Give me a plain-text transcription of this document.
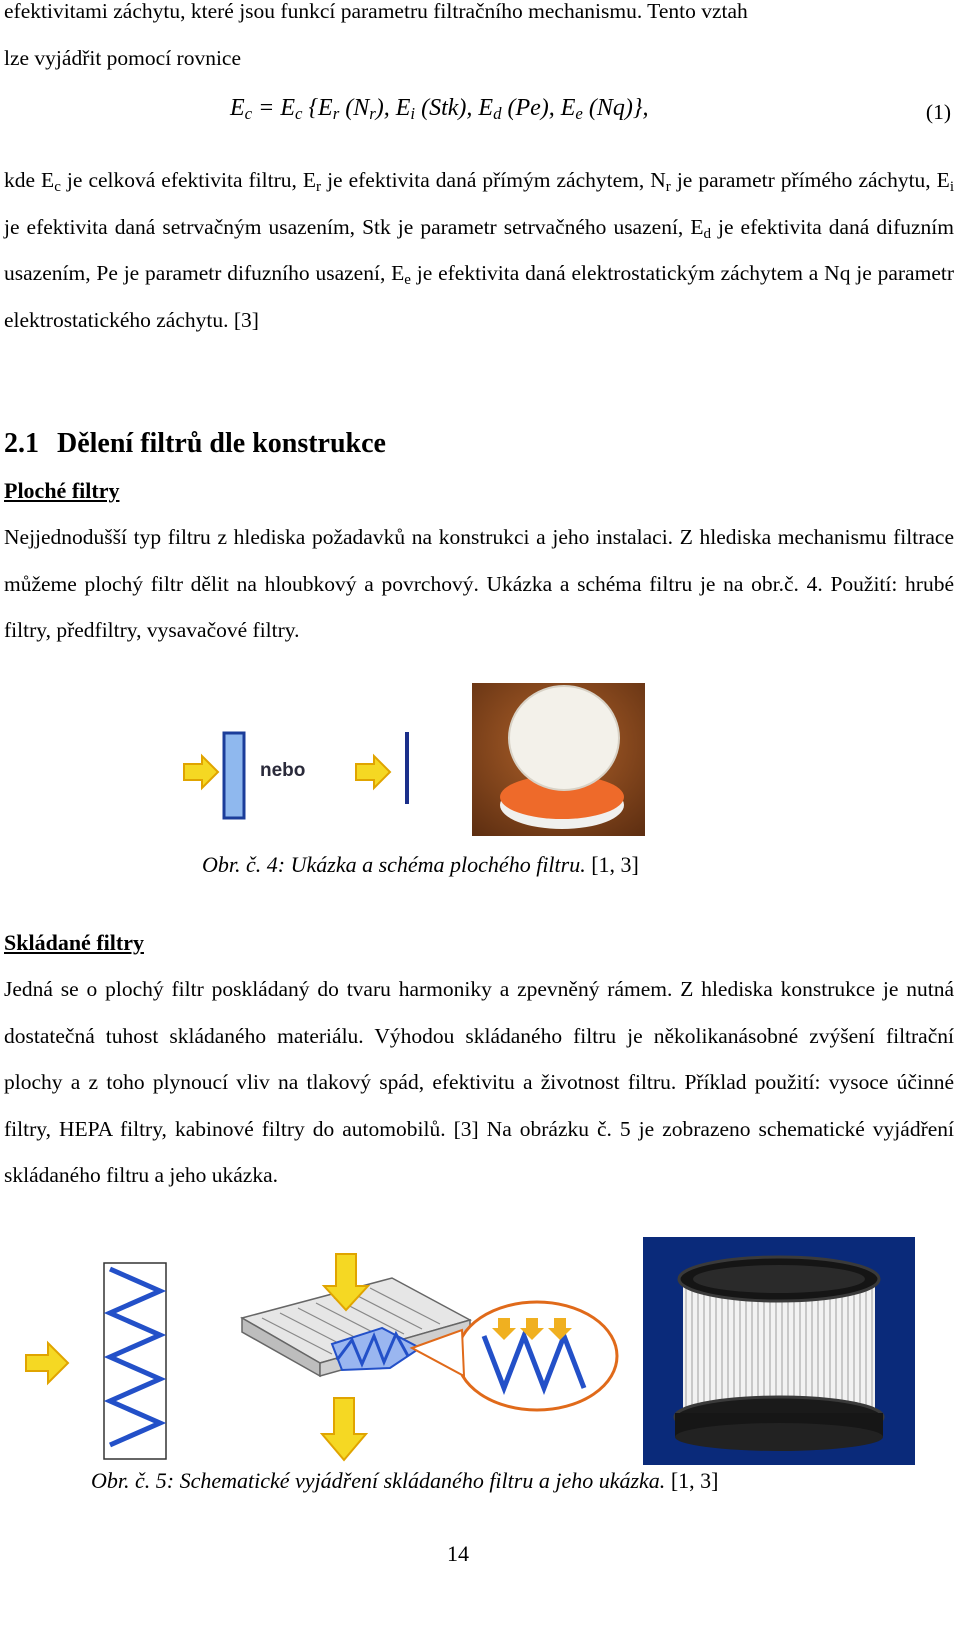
efektivitami záchytu, které jsou funkcí parametru filtračního mechanismu. Tento vztah
lze vyjádřit pomocí rovnice
$E_c = E_c$ {$E_r$ $(N_r)$, $E_i$ (Stk), $E_d$ (Pe), $E_e$ (Nq)},	(1)
kde $E_c$ je celková efektivita filtru, $E_r$ je efektivita daná přímým záchytem, $N_r$ je parametr přímého záchytu, $E_i$ je efektivita daná setrvačným usazením, Stk je parametr setrvačného usazení, $E_d$ je efektivita daná difuzním usazením, Pe je parametr difuzního usazení, $E_e$ je efektivita daná elektrostatickým záchytem a Nq je parametr elektrostatického záchytu. [3]
2.1 Dělení filtrů dle konstrukce
Ploché filtry
Nejjednodušší typ filtru z hlediska požadavků na konstrukci a jeho instalaci. Z hlediska mechanismu filtrace můžeme plochý filtr dělit na hloubkový a povrchový. Ukázka a schéma filtru je na obr.č. 4. Použití: hrubé filtry, předfiltry, vysavačové filtry.
nebo
Obr. č. 4: Ukázka a schéma plochého filtru. [1, 3]
Skládané filtry
Jedná se o plochý filtr poskládaný do tvaru harmoniky a zpevněný rámem. Z hlediska konstrukce je nutná dostatečná tuhost skládaného materiálu. Výhodou skládaného filtru je několikanásobné zvýšení filtrační plochy a z toho plynoucí vliv na tlakový spád, efektivitu a životnost filtru. Příklad použití: vysoce účinné filtry, HEPA filtry, kabinové filtry do automobilů. [3] Na obrázku č. 5 je zobrazeno schematické vyjádření skládaného filtru a jeho ukázka.
Obr. č. 5: Schematické vyjádření skládaného filtru a jeho ukázka. [1, 3]
14
